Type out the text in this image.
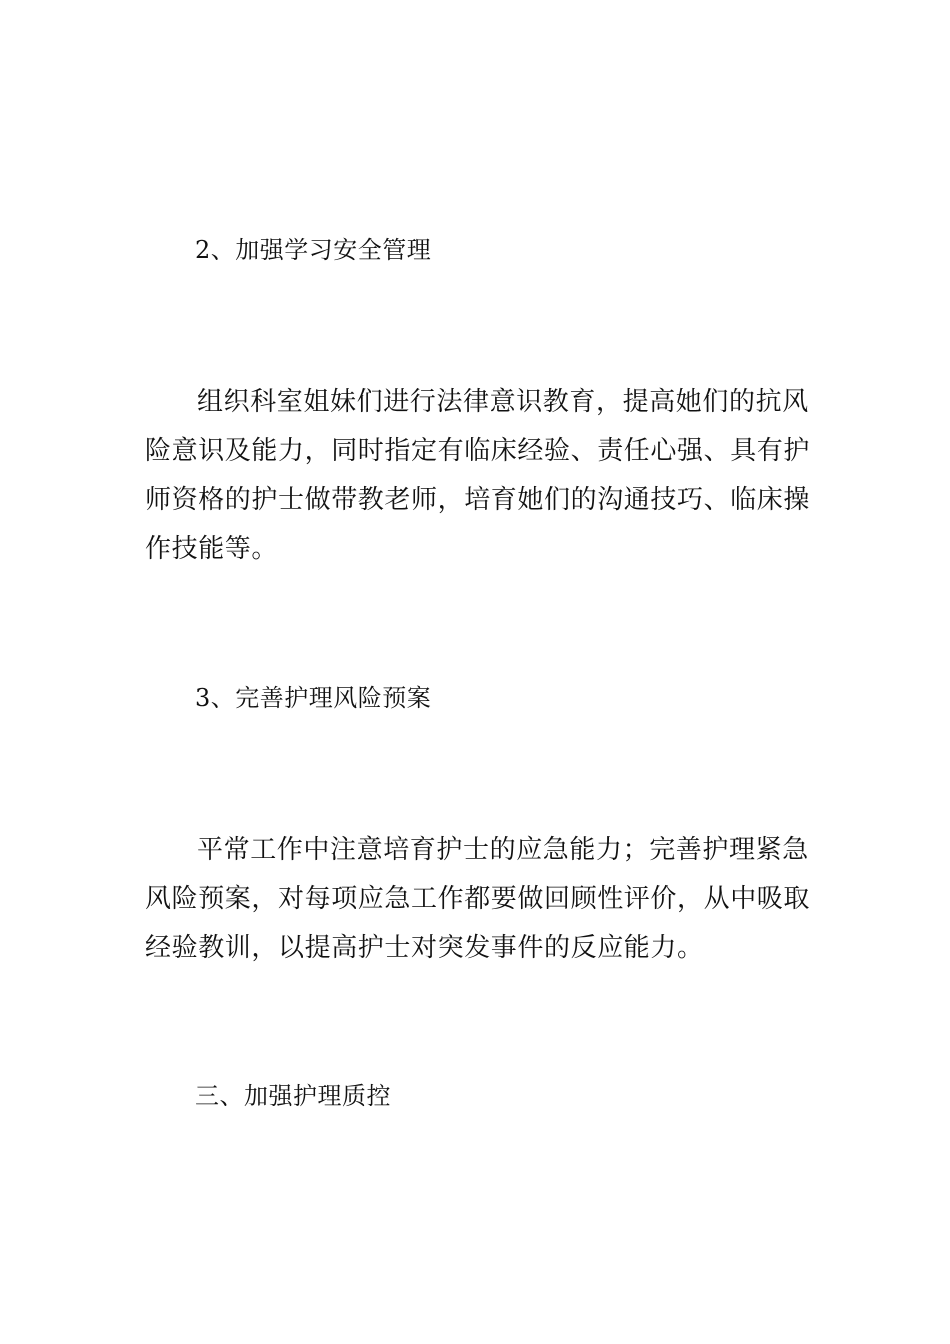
2、加强学习安全管理
组织科室姐妹们进行法律意识教育，提高她们的抗风
险意识及能力，同时指定有临床经验、责任心强、具有护
师资格的护士做带教老师，培育她们的沟通技巧、临床操
作技能等。
3、完善护理风险预案
平常工作中注意培育护士的应急能力；完善护理紧急
风险预案，对每项应急工作都要做回顾性评价，从中吸取
经验教训，以提高护士对突发事件的反应能力。
三、加强护理质控
